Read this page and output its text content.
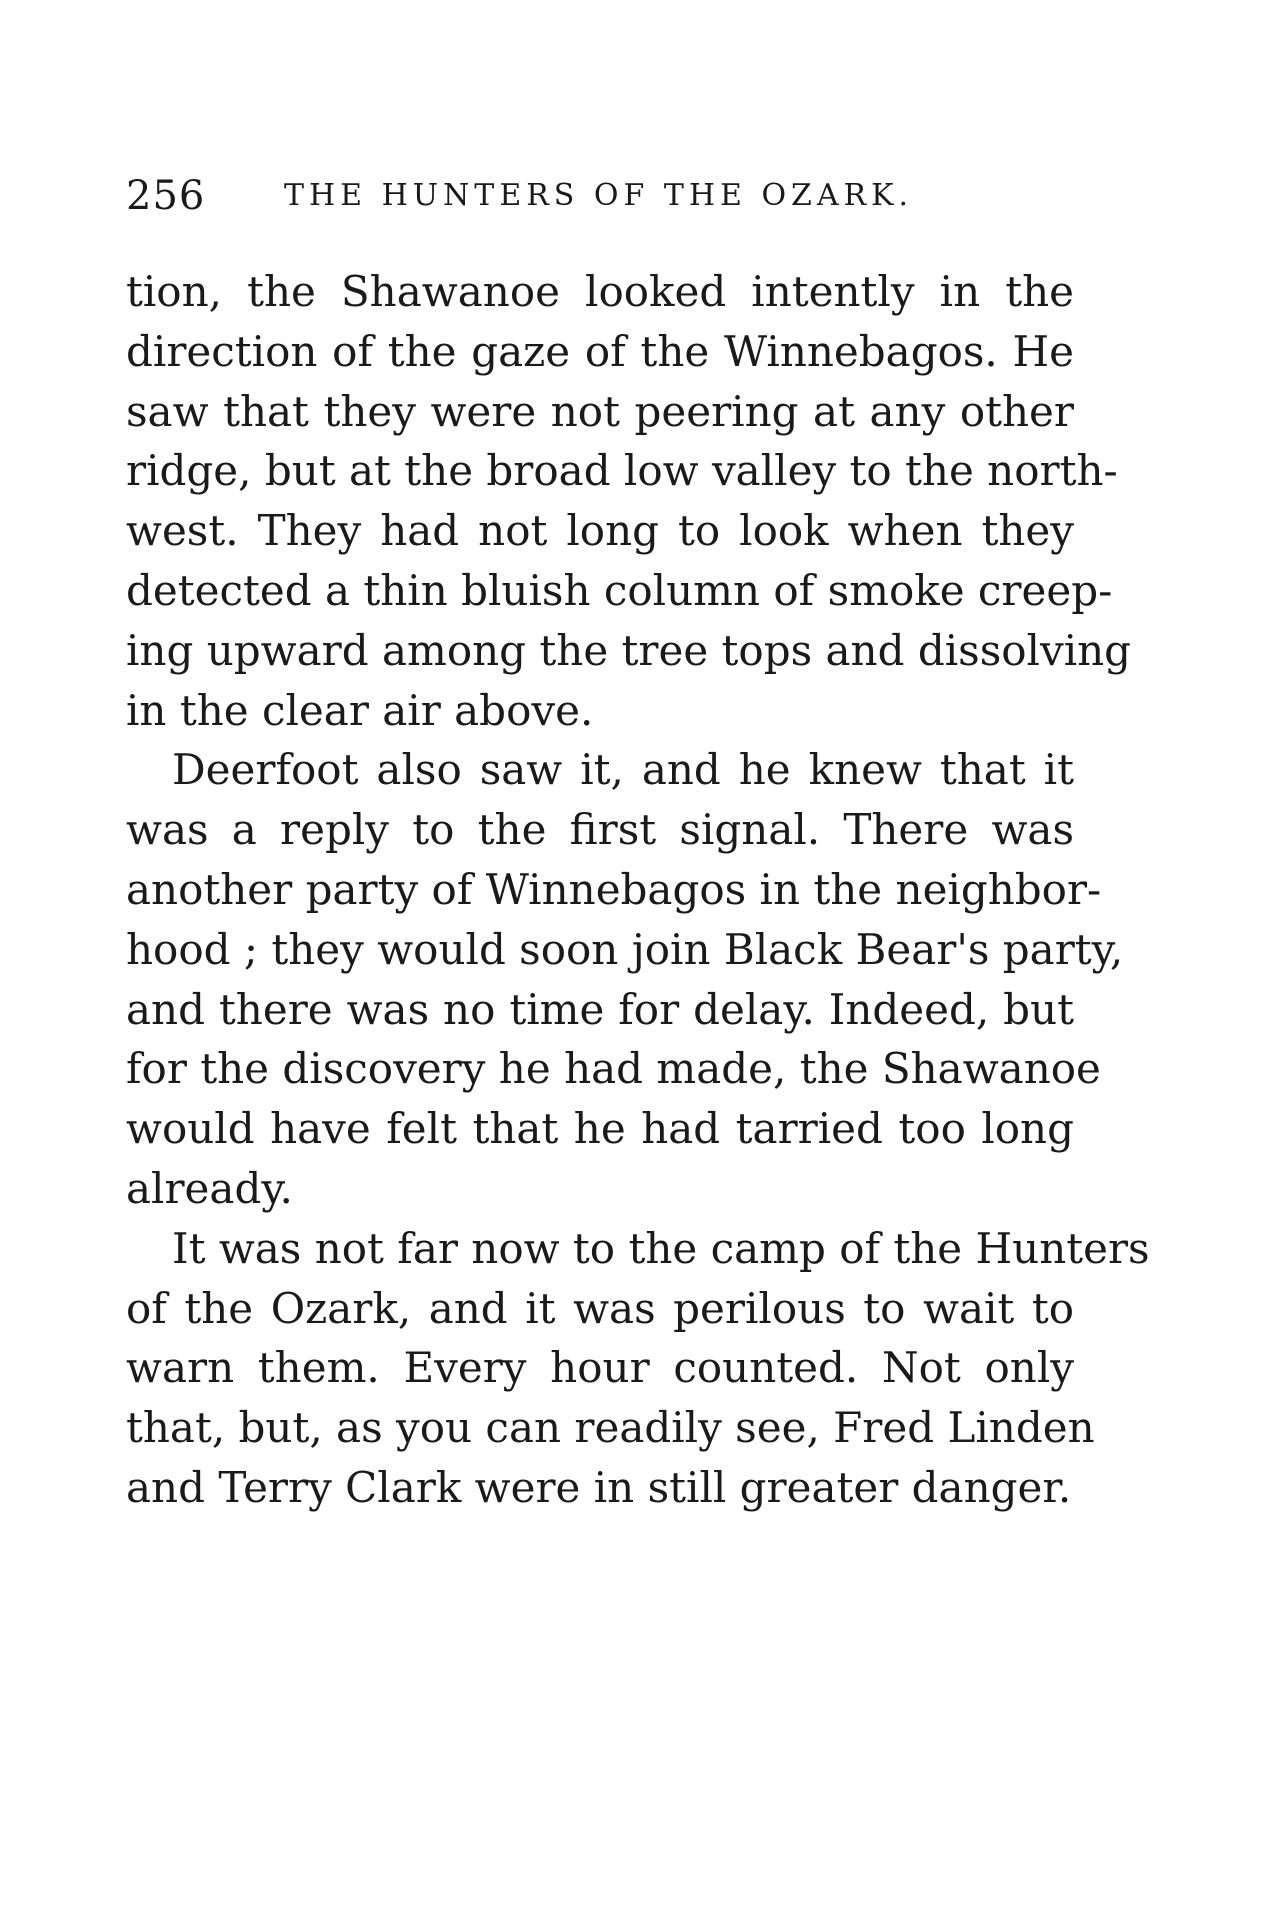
256	THE HUNTERS OF THE OZARK.
tion, the Shawanoe looked intently in the
direction of the gaze of the Winnebagos. He
saw that they were not peering at any other
ridge, but at the broad low valley to the north-
west. They had not long to look when they
detected a thin bluish column of smoke creep-
ing upward among the tree tops and dissolving
in the clear air above.
Deerfoot also saw it, and he knew that it
was a reply to the first signal. There was
another party of Winnebagos in the neighbor-
hood ; they would soon join Black Bear's party,
and there was no time for delay. Indeed, but
for the discovery he had made, the Shawanoe
would have felt that he had tarried too long
already.
It was not far now to the camp of the Hunters
of the Ozark, and it was perilous to wait to
warn them. Every hour counted. Not only
that, but, as you can readily see, Fred Linden
and Terry Clark were in still greater danger.
